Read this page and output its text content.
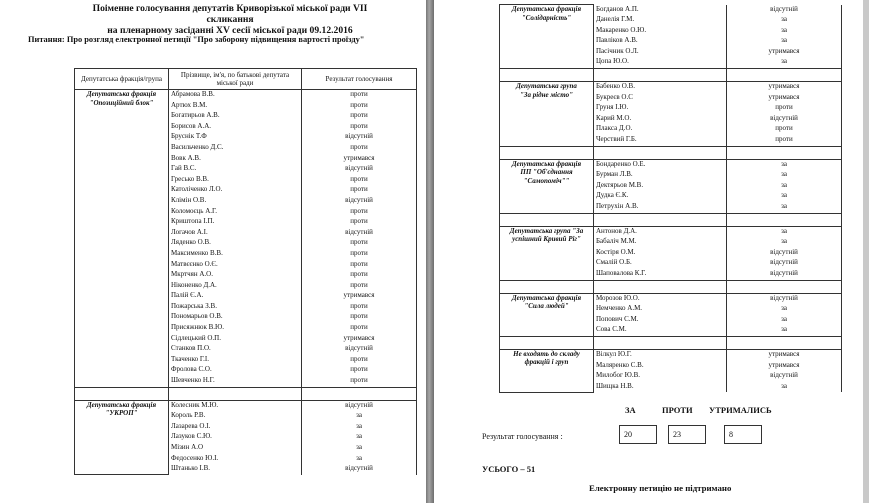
Поіменне голосування депутатів Криворізької міської ради VII скликання
на пленарному засіданні XV сесії міської ради 09.12.2016
Питання: Про розгляд електронної петиції "Про заборону підвищення вартості проїзду"
Депутатська фракція/група	Прізвище, ім'я, по батькові депутата міської ради	Результат голосування

Депутатська фракція
"Опозиційний блок"	Абрамова В.В.	проти
	Артюх В.М.	проти
	Богатирьов А.В.	проти
	Борисов А.А.	проти
	Бруснік Т.Ф	відсутній
	Васильченко Д.С.	проти
	Вовк А.В.	утримався
	Гай В.С.	відсутній
	Гресько В.В.	проти
	Католіченко Л.О.	проти
	Клімін О.В.	відсутній
	Коломоєць А.Г.	проти
	Криштопа І.П.	проти
	Логачов А.І.	відсутній
	Ляденко О.В.	проти
	Максименко В.В.	проти
	Матвєєнко О.Є.	проти
	Мкртчян А.О.	проти
	Ніконенко Д.А.	проти
	Палій Є.А.	утримався
	Пожарська З.В.	проти
	Пономарьов О.В.	проти
	Присяжнюк В.Ю.	проти
	Сідлецький О.П.	утримався
	Станков П.О.	відсутній
	Ткаченко Г.І.	проти
	Фролова С.О.	проти
	Шевченко Н.Г.	проти

Депутатська фракція
"УКРОП"	Колесник М.Ю.	відсутній
	Король Р.В.	за
	Лазарева О.І.	за
	Лазуков С.Ю.	за
	Мізин А.О	за
	Федосенко Ю.І.	за
	Штанько І.В.	відсутній
Депутатська фракція
"Солідарність"	Богданов А.П.	відсутній
	Данелія Г.М.	за
	Макаренко О.Ю.	за
	Павліков А.В.	за
	Пасічник О.Л.	утримався
	Цопа Ю.О.	за

Депутатська група
"За рідне місто"	Бабенко О.В.	утримався
	Букреєв О.С	утримався
	Груня І.Ю.	проти
	Карий М.О.	відсутній
	Плакса Д.О.	проти
	Черствий Г.Б.	проти

Депутатська фракція
ПП "Об'єднання "Самопоміч""	Бондаренко О.Е.	за
	Бурман Л.В.	за
	Дектярьов М.В.	за
	Дудка Є.К.	за
	Петрухін А.В.	за

Депутатська група "За
успішний Кривий Ріг"	Антонов Д.А.	за
	Бабаліч М.М.	за
	Костіря О.М.	відсутній
	Смалій О.Б.	відсутній
	Шаповалова К.Г.	відсутній

Депутатська фракція
"Сила людей"	Морозов Ю.О.	відсутній
	Немченко А.М.	за
	Попович С.М.	за
	Сова С.М.	за

Не входять до складу
фракцій і груп	Вілкул Ю.Г.	утримався
	Маляренко С.В.	утримався
	Милобог Ю.В.	відсутній
	Шищка Н.В.	за
ЗА	ПРОТИ УТРИМАЛИСЬ
Результат голосування :	20	23	8
УСЬОГО – 51
Електронну петицію не підтримано
